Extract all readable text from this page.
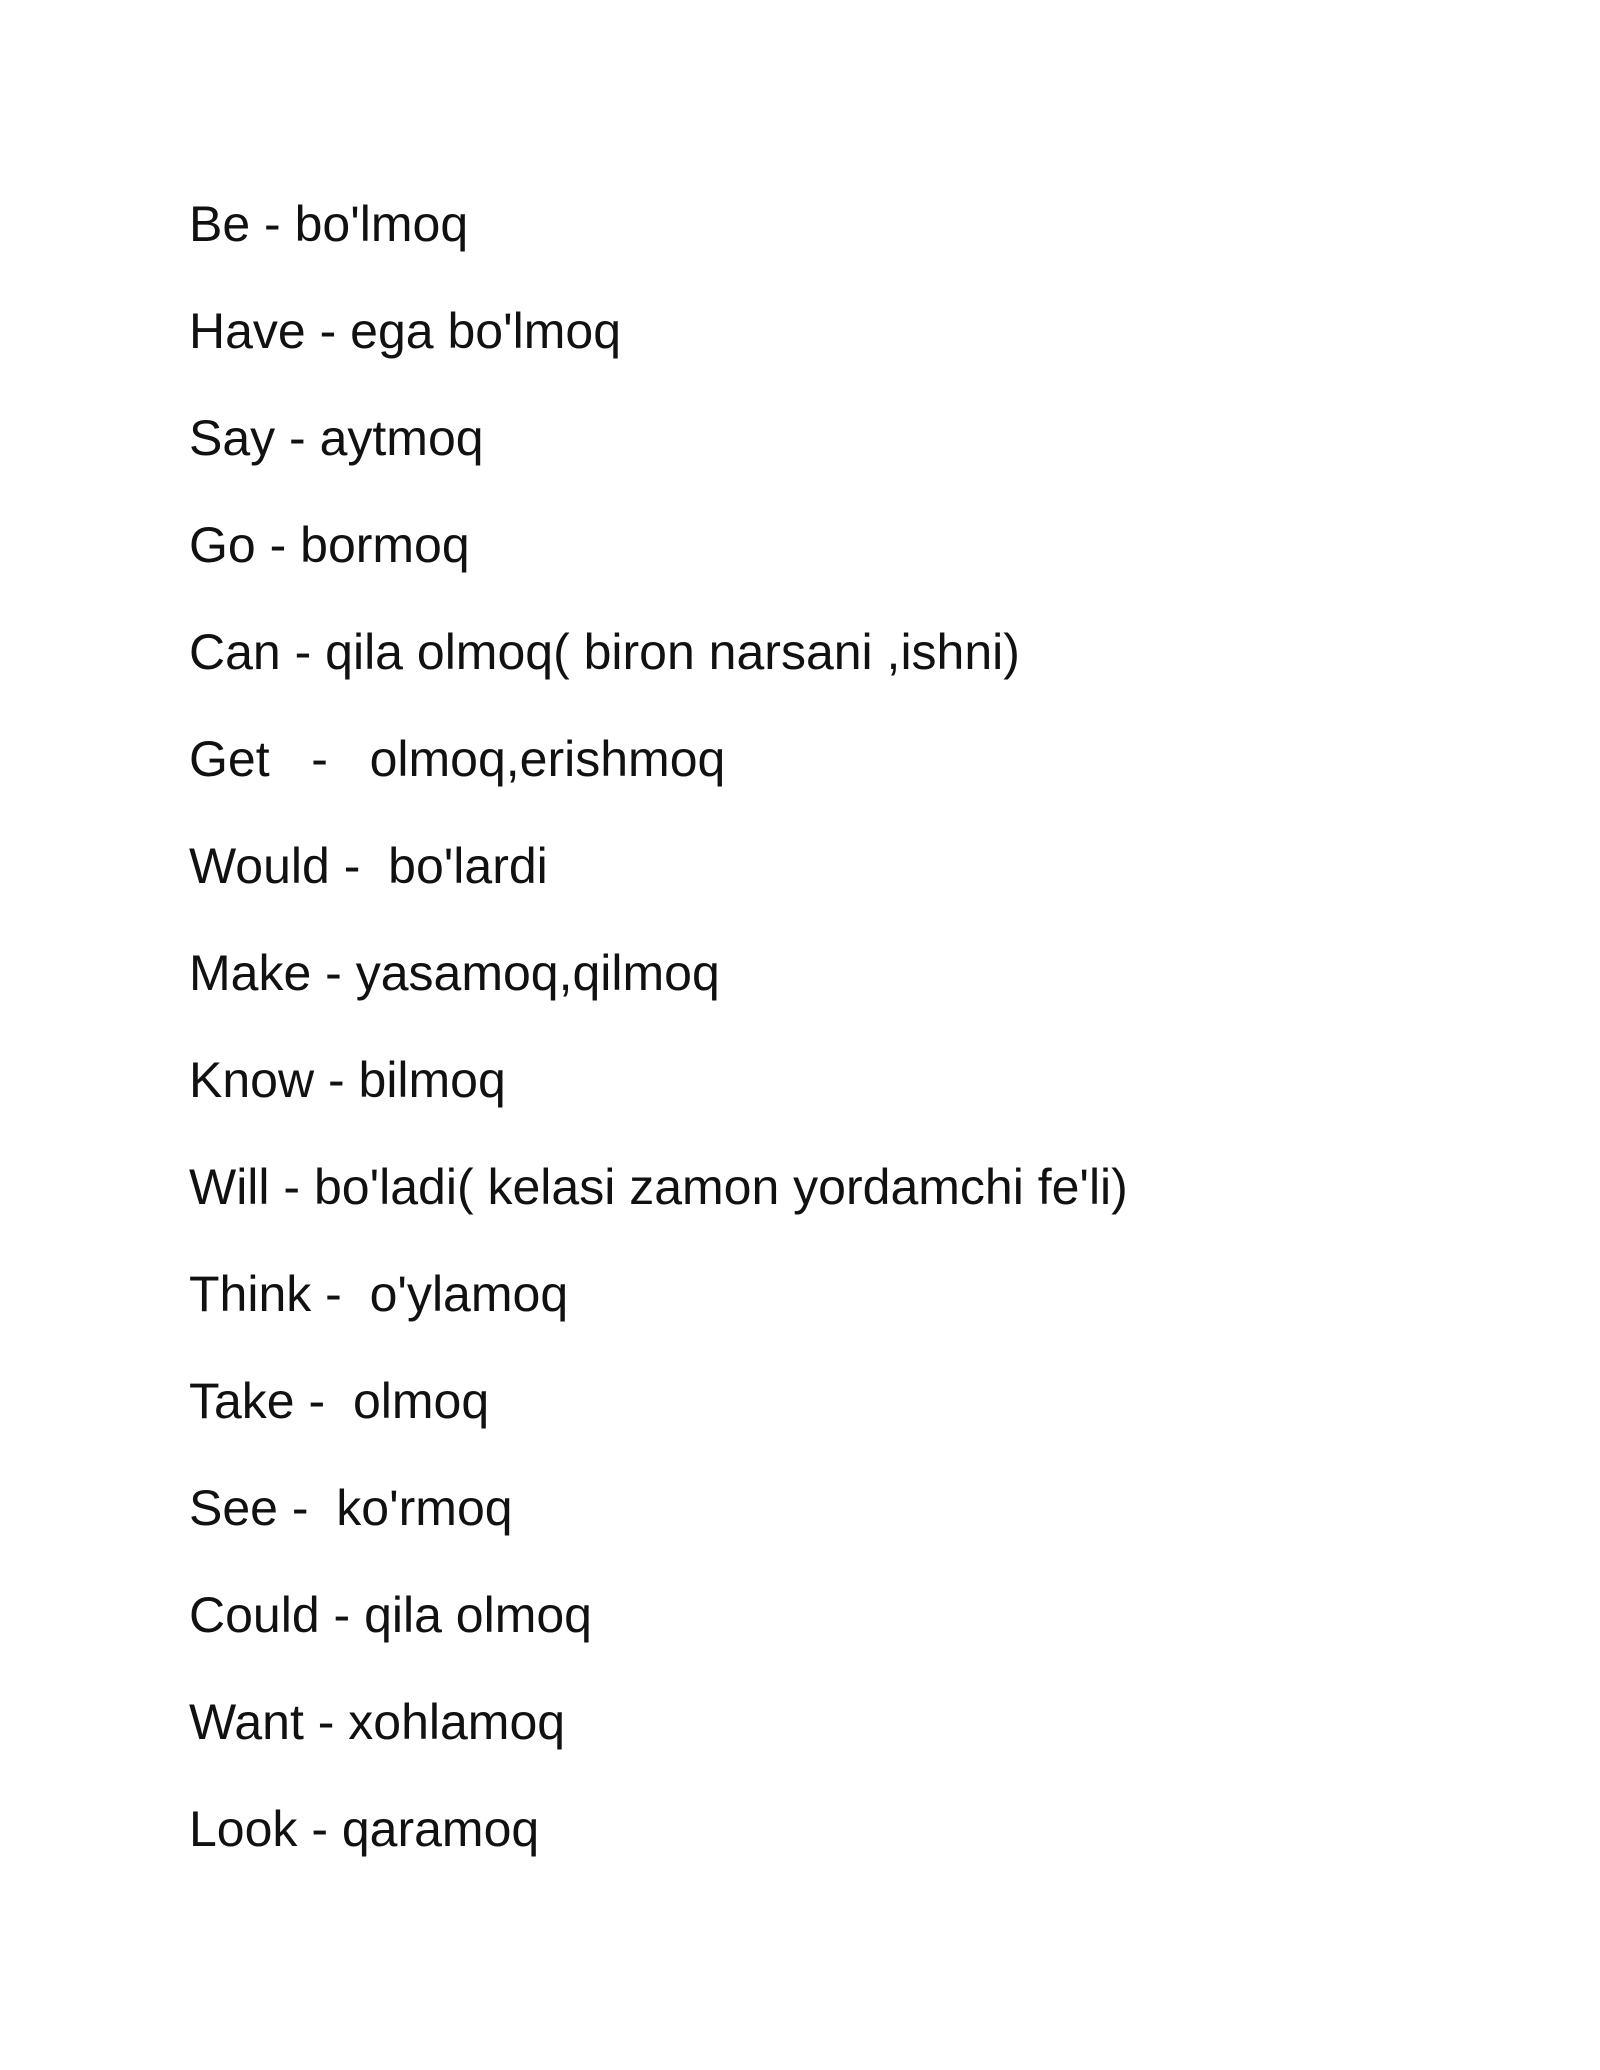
Be - bo'lmoq
Have - ega bo'lmoq
Say - aytmoq
Go - bormoq
Can - qila olmoq( biron narsani ,ishni)
Get   -   olmoq,erishmoq
Would -  bo'lardi
Make - yasamoq,qilmoq
Know - bilmoq
Will - bo'ladi( kelasi zamon yordamchi fe'li)
Think -  o'ylamoq
Take -  olmoq
See -  ko'rmoq
Could - qila olmoq
Want - xohlamoq
Look - qaramoq
